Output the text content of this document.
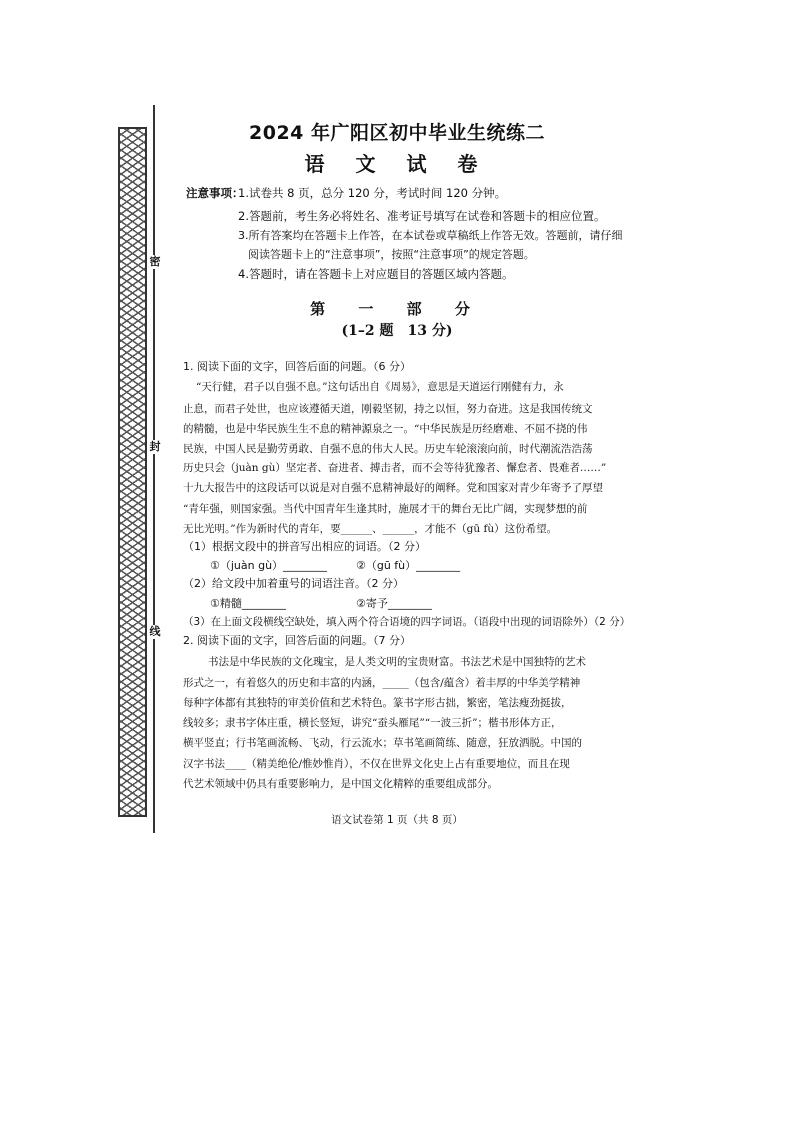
密
封
线
2024 年广阳区初中毕业生统练二
语 文 试 卷
注意事项：
1.试卷共 8 页，总分 120 分，考试时间 120 分钟。
2.答题前，考生务必将姓名、准考证号填写在试卷和答题卡的相应位置。
3.所有答案均在答题卡上作答，在本试卷或草稿纸上作答无效。答题前，请仔细
阅读答题卡上的“注意事项”，按照“注意事项”的规定答题。
4.答题时，请在答题卡上对应题目的答题区域内答题。
第 一 部 分
(1–2 题　13 分)
1. 阅读下面的文字，回答后面的问题。（6 分）
“天行健，君子以自强不息。”这句话出自《周易》，意思是天道运行刚健有力，永
止息，而君子处世，也应该遵循天道，刚毅坚韧，持之以恒，努力奋进。这是我国传统文
的精髓，也是中华民族生生不息的精神源泉之一。“中华民族是历经磨难、不屈不挠的伟
民族，中国人民是勤劳勇敢、自强不息的伟大人民。历史车轮滚滚向前，时代潮流浩浩荡
历史只会（juàn gù）坚定者、奋进者、搏击者，而不会等待犹豫者、懈怠者、畏难者……”
十九大报告中的这段话可以说是对自强不息精神最好的阐释。党和国家对青少年寄予了厚望
“青年强，则国家强。当代中国青年生逢其时，施展才干的舞台无比广阔，实现梦想的前
无比光明。”作为新时代的青年，要______、______，才能不（gū fù）这份希望。
（1）根据文段中的拼音写出相应的词语。（2 分）
①（juàn gù）________	②（gū fù）________
（2）给文段中加着重号的词语注音。（2 分）
①精髓________	②寄予________
（3）在上面文段横线空缺处，填入两个符合语境的四字词语。（语段中出现的词语除外）（2 分）
2. 阅读下面的文字，回答后面的问题。（7 分）
书法是中华民族的文化瑰宝，是人类文明的宝贵财富。书法艺术是中国独特的艺术
形式之一，有着悠久的历史和丰富的内涵，_____（包含/蕴含）着丰厚的中华美学精神
每种字体都有其独特的审美价值和艺术特色。篆书字形古拙，繁密，笔法瘦劲挺拔，
线较多；隶书字体庄重，横长竖短，讲究“蚕头雁尾”“一波三折”；楷书形体方正，
横平竖直；行书笔画流畅、飞动，行云流水；草书笔画简练、随意，狂放洒脱。中国的
汉字书法____（精美绝伦/惟妙惟肖），不仅在世界文化史上占有重要地位，而且在现
代艺术领域中仍具有重要影响力，是中国文化精粹的重要组成部分。
语文试卷第 1 页（共 8 页）
